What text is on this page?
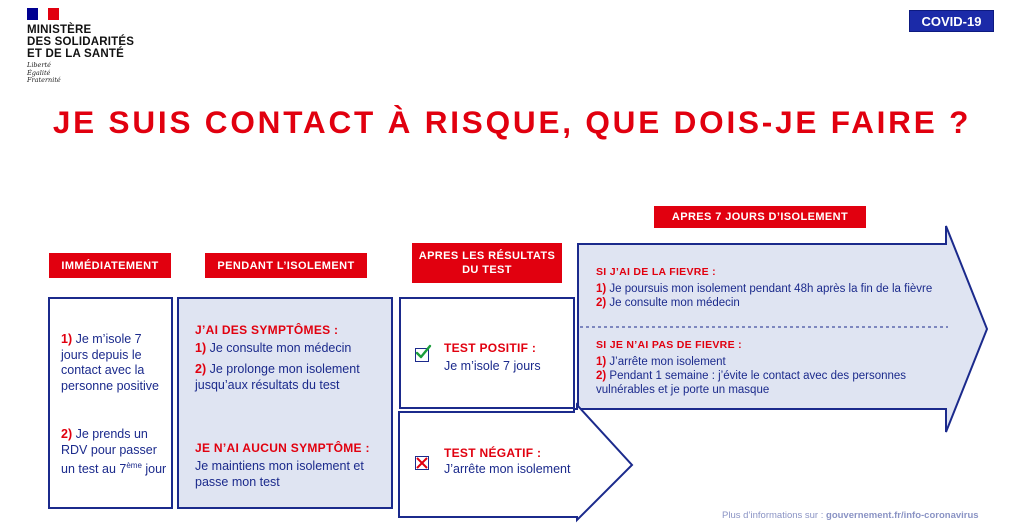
MINISTÈRE
DES SOLIDARITÉS
ET DE LA SANTÉ
Liberté
Égalité
Fraternité
COVID-19
JE SUIS CONTACT À RISQUE, QUE DOIS-JE FAIRE ?
IMMÉDIATEMENT	PENDANT L’ISOLEMENT
APRES LES RÉSULTATS
DU TEST
APRES 7 JOURS D’ISOLEMENT
1) Je m’isole 7 jours depuis le contact avec la personne positive
2) Je prends un RDV pour passer un test au 7ème jour
J’AI DES SYMPTÔMES :
1) Je consulte mon médecin
2) Je prolonge mon isolement jusqu’aux résultats du test
JE N’AI AUCUN SYMPTÔME :
Je maintiens mon isolement et passe mon test
TEST POSITIF :
Je m’isole 7 jours
TEST NÉGATIF :
J’arrête mon isolement
SI J’AI DE LA FIEVRE :
1) Je poursuis mon isolement pendant 48h après la fin de la fièvre
2) Je consulte mon médecin
SI JE N’AI PAS DE FIEVRE :
1) J’arrête mon isolement
2) Pendant 1 semaine : j’évite le contact avec des personnes vulnérables et je porte un masque
Plus d’informations sur : gouvernement.fr/info-coronavirus
